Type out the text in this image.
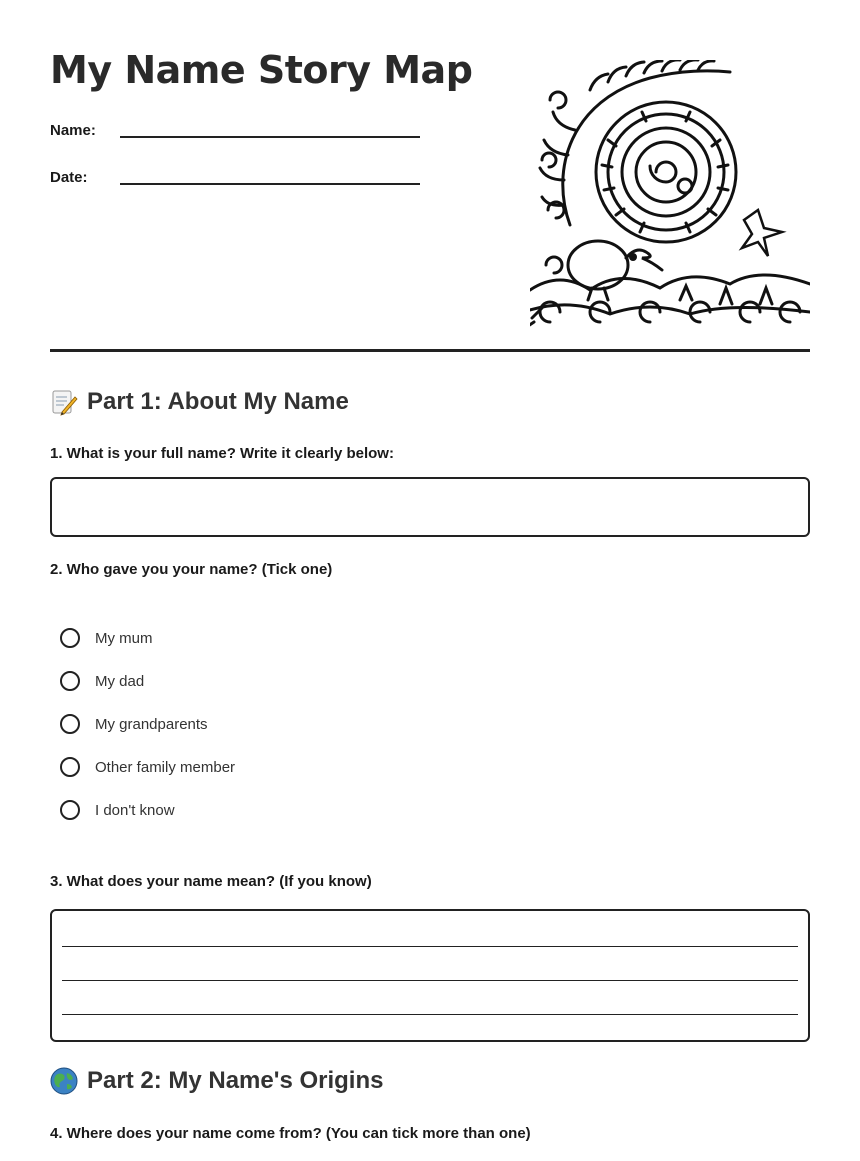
My Name Story Map
Name:
Date:
Part 1: About My Name
1. What is your full name? Write it clearly below:
2. Who gave you your name? (Tick one)
My mum
My dad
My grandparents
Other family member
I don't know
3. What does your name mean? (If you know)
Part 2: My Name's Origins
4. Where does your name come from? (You can tick more than one)
